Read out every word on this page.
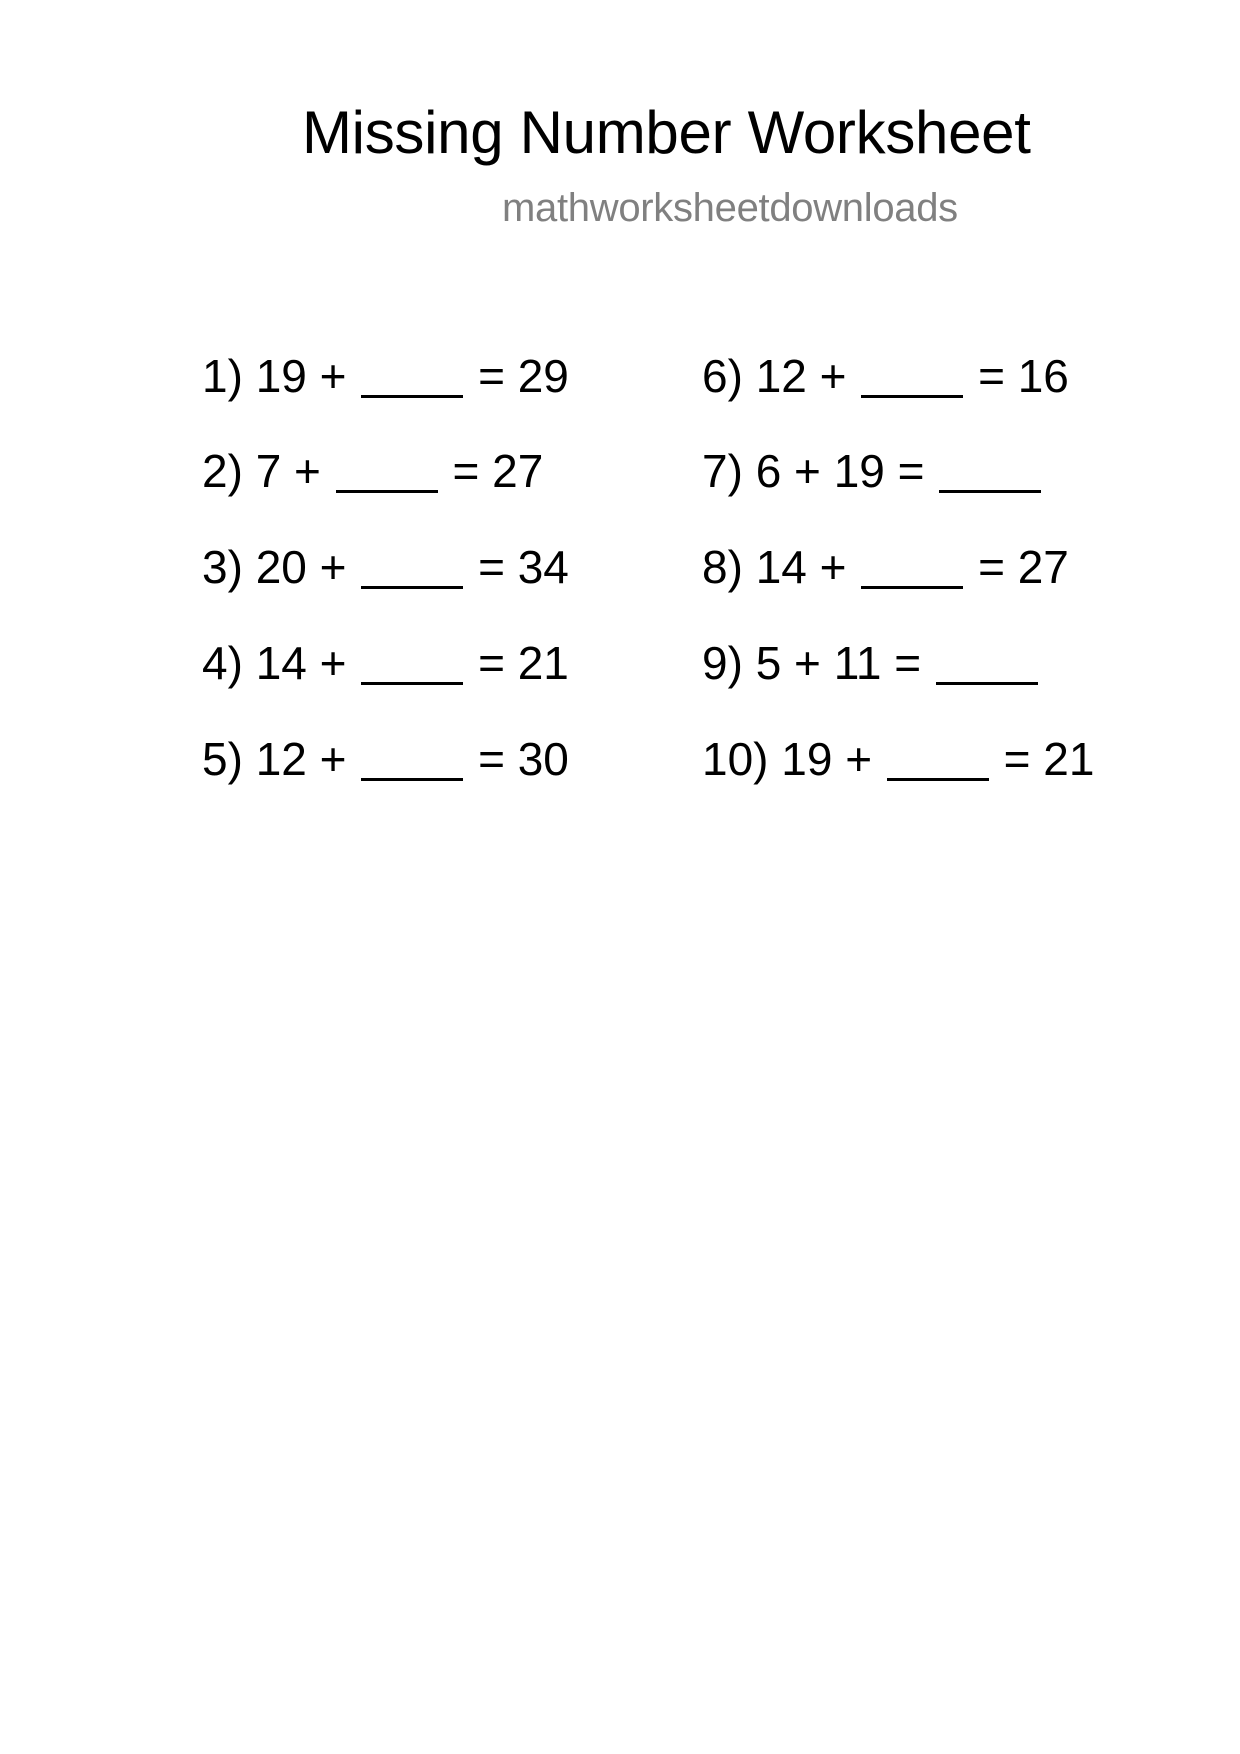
Missing Number Worksheet
mathworksheetdownloads
1) 19 +	= 29
2) 7 +	= 27
3) 20 +	= 34
4) 14 +	= 21
5) 12 +	= 30
6) 12 +	= 16
7) 6 + 19 =
8) 14 +	= 27
9) 5 + 11 =
10) 19 +	= 21
